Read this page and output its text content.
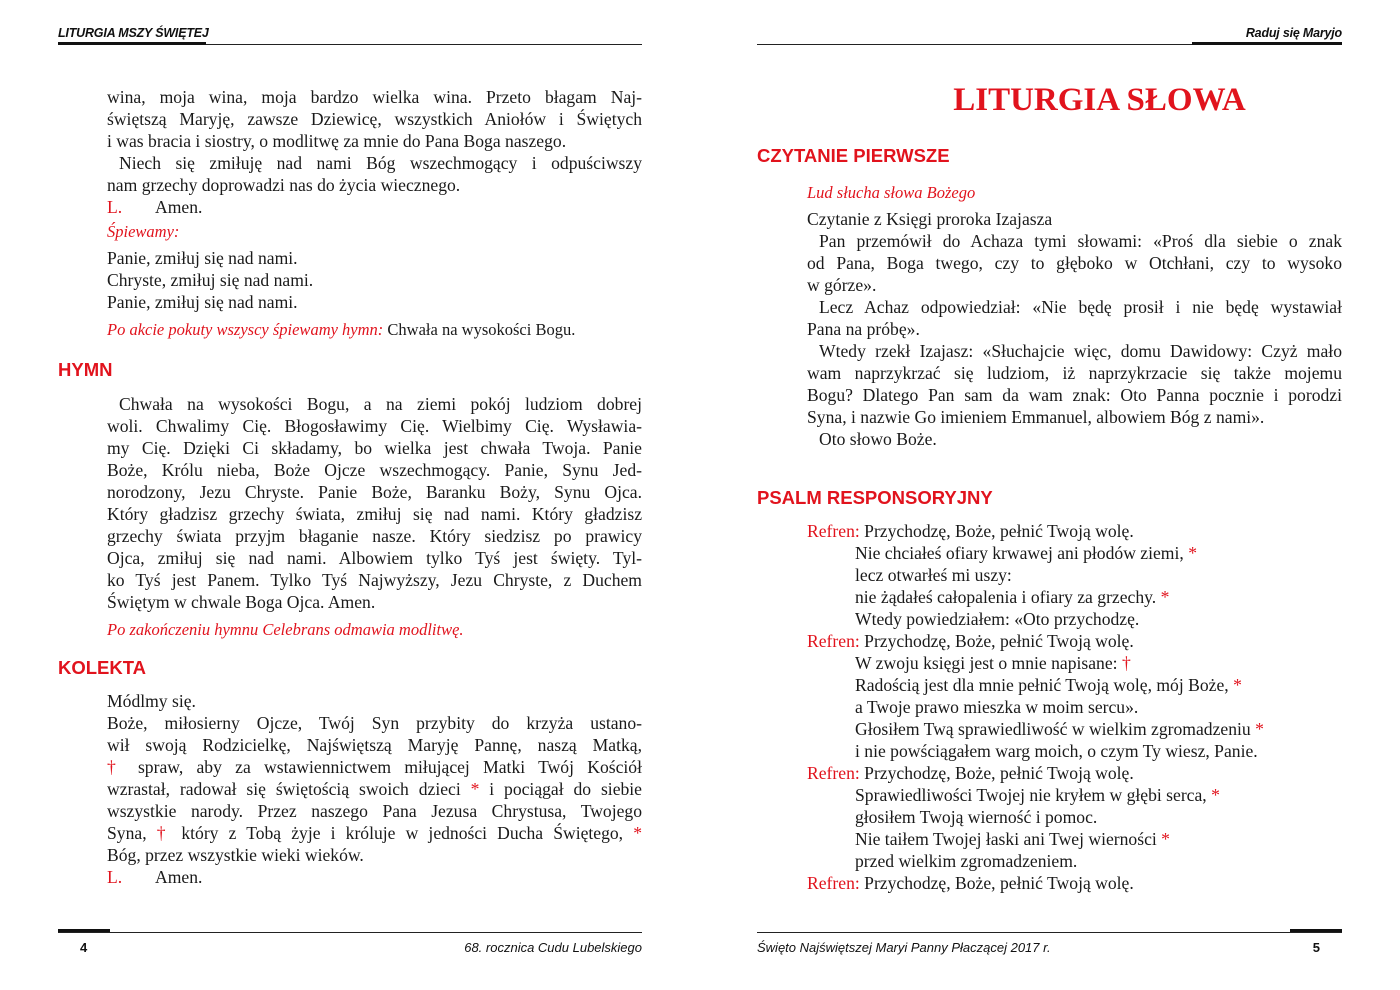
LITURGIA MSZY ŚWIĘTEJ
wina, moja wina, moja bardzo wielka wina. Przeto błagam Naj-
świętszą Maryję, zawsze Dziewicę, wszystkich Aniołów i Świętych
i was bracia i siostry, o modlitwę za mnie do Pana Boga naszego.
Niech się zmiłuję nad nami Bóg wszechmogący i odpuściwszy
nam grzechy doprowadzi nas do życia wiecznego.
L. Amen.
Śpiewamy:
Panie, zmiłuj się nad nami.
Chryste, zmiłuj się nad nami.
Panie, zmiłuj się nad nami.
Po akcie pokuty wszyscy śpiewamy hymn: Chwała na wysokości Bogu.
HYMN
Chwała na wysokości Bogu, a na ziemi pokój ludziom dobrej
woli. Chwalimy Cię. Błogosławimy Cię. Wielbimy Cię. Wysławia-
my Cię. Dzięki Ci składamy, bo wielka jest chwała Twoja. Panie
Boże, Królu nieba, Boże Ojcze wszechmogący. Panie, Synu Jed-
norodzony, Jezu Chryste. Panie Boże, Baranku Boży, Synu Ojca.
Który gładzisz grzechy świata, zmiłuj się nad nami. Który gładzisz
grzechy świata przyjm błaganie nasze. Który siedzisz po prawicy
Ojca, zmiłuj się nad nami. Albowiem tylko Tyś jest święty. Tyl-
ko Tyś jest Panem. Tylko Tyś Najwyższy, Jezu Chryste, z Duchem
Świętym w chwale Boga Ojca. Amen.
Po zakończeniu hymnu Celebrans odmawia modlitwę.
KOLEKTA
Módlmy się.
Boże, miłosierny Ojcze, Twój Syn przybity do krzyża ustano-
wił swoją Rodzicielkę, Najświętszą Maryję Pannę, naszą Matką,
† spraw, aby za wstawiennictwem miłującej Matki Twój Kościół
wzrastał, radował się świętością swoich dzieci * i pociągał do siebie
wszystkie narody. Przez naszego Pana Jezusa Chrystusa, Twojego
Syna, † który z Tobą żyje i króluje w jedności Ducha Świętego, *
Bóg, przez wszystkie wieki wieków.
L. Amen.
4	68. rocznica Cudu Lubelskiego
Raduj się Maryjo
LITURGIA SŁOWA
CZYTANIE PIERWSZE
Lud słucha słowa Bożego
Czytanie z Księgi proroka Izajasza
Pan przemówił do Achaza tymi słowami: «Proś dla siebie o znak
od Pana, Boga twego, czy to głęboko w Otchłani, czy to wysoko
w górze».
Lecz Achaz odpowiedział: «Nie będę prosił i nie będę wystawiał
Pana na próbę».
Wtedy rzekł Izajasz: «Słuchajcie więc, domu Dawidowy: Czyż mało
wam naprzykrzać się ludziom, iż naprzykrzacie się także mojemu
Bogu? Dlatego Pan sam da wam znak: Oto Panna pocznie i porodzi
Syna, i nazwie Go imieniem Emmanuel, albowiem Bóg z nami».
Oto słowo Boże.
PSALM RESPONSORYJNY
Refren: Przychodzę, Boże, pełnić Twoją wolę.
Nie chciałeś ofiary krwawej ani płodów ziemi, *
lecz otwarłeś mi uszy:
nie żądałeś całopalenia i ofiary za grzechy. *
Wtedy powiedziałem: «Oto przychodzę.
Refren: Przychodzę, Boże, pełnić Twoją wolę.
W zwoju księgi jest o mnie napisane: †
Radością jest dla mnie pełnić Twoją wolę, mój Boże, *
a Twoje prawo mieszka w moim sercu».
Głosiłem Twą sprawiedliwość w wielkim zgromadzeniu *
i nie powściągałem warg moich, o czym Ty wiesz, Panie.
Refren: Przychodzę, Boże, pełnić Twoją wolę.
Sprawiedliwości Twojej nie kryłem w głębi serca, *
głosiłem Twoją wierność i pomoc.
Nie taiłem Twojej łaski ani Twej wierności *
przed wielkim zgromadzeniem.
Refren: Przychodzę, Boże, pełnić Twoją wolę.
Święto Najświętszej Maryi Panny Płaczącej 2017 r.	5
